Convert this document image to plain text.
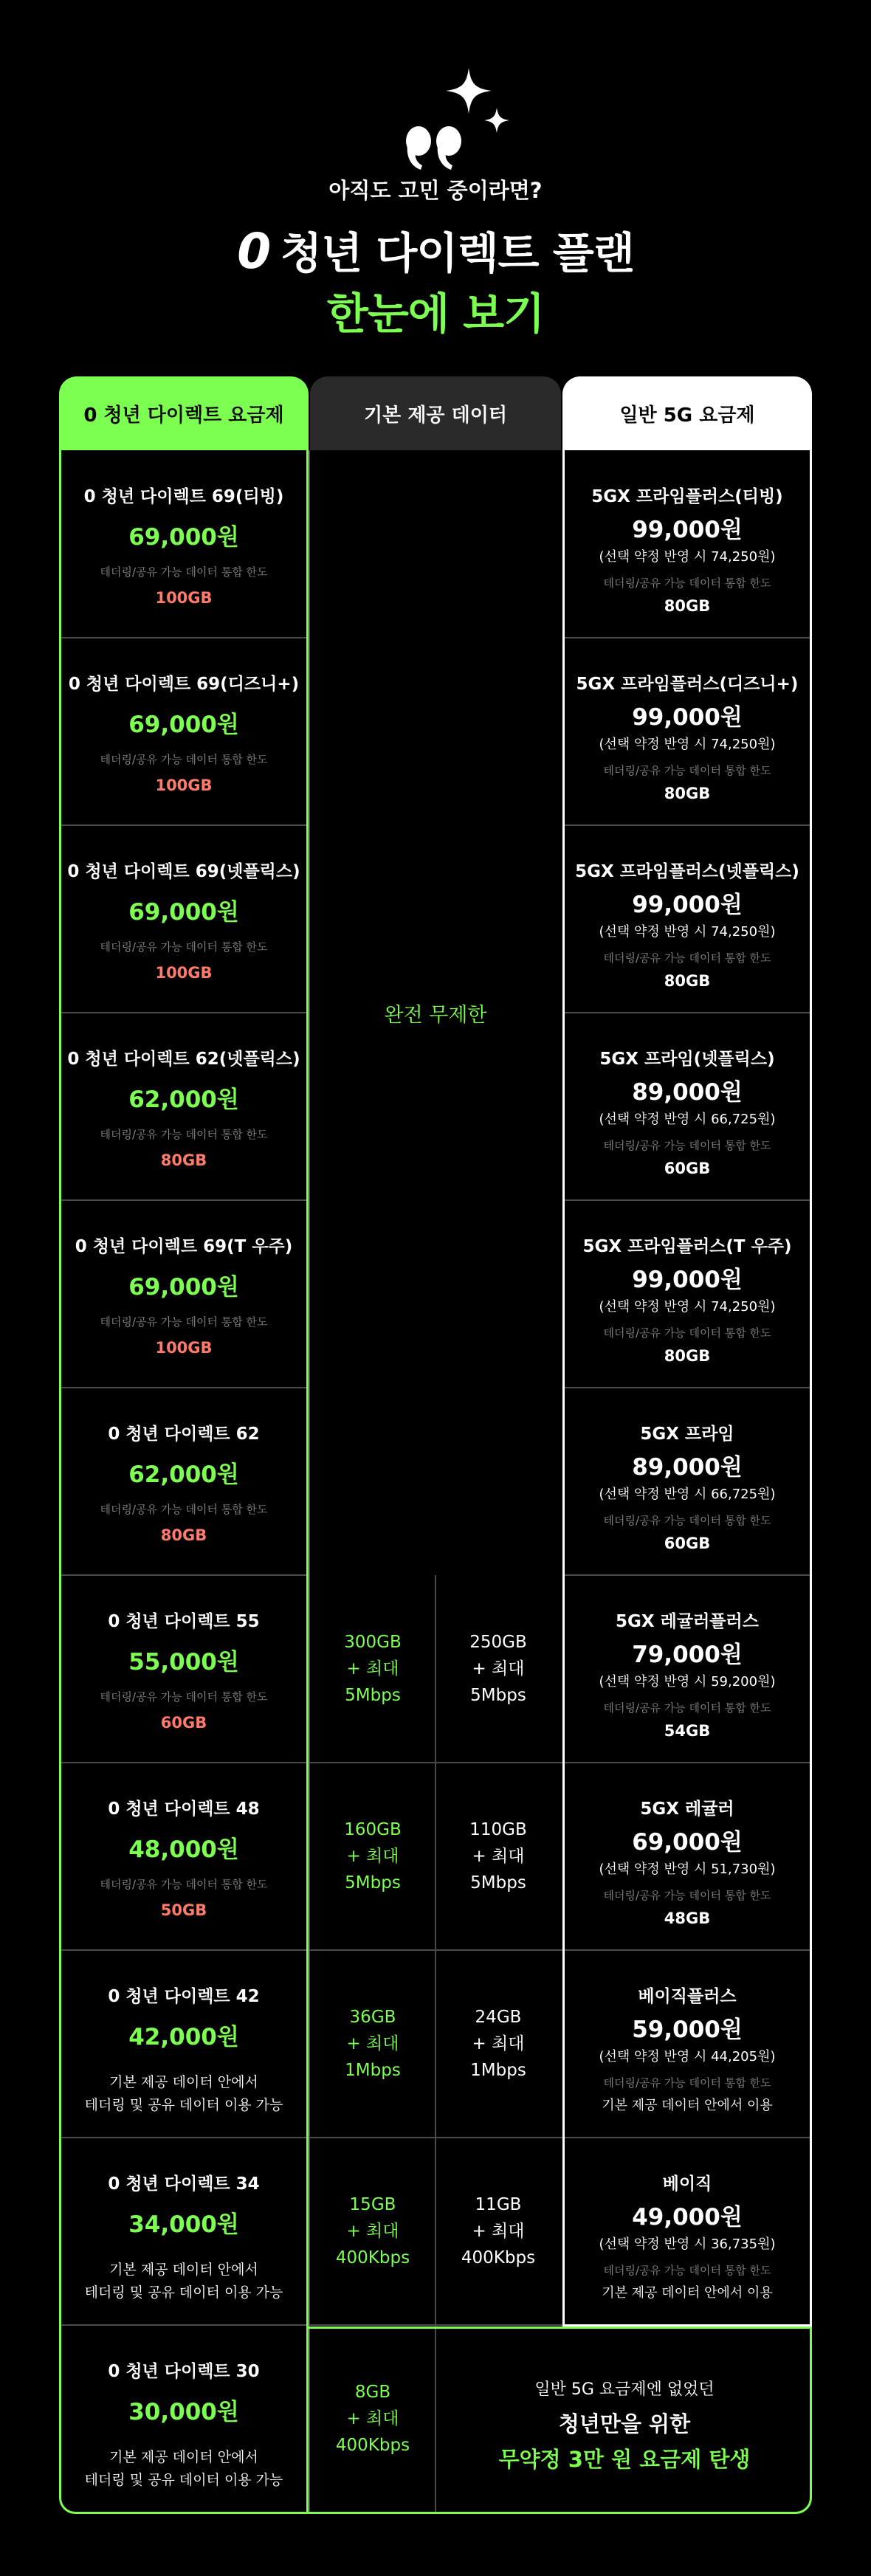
아직도 고민 중이라면?
0 청년 다이렉트 플랜
한눈에 보기
0 청년 다이렉트 요금제	기본 제공 데이터	일반 5G 요금제
0 청년 다이렉트 69(티빙)
69,000원
테더링/공유 가능 데이터 통합 한도
100GB
5GX 프라임플러스(티빙)
99,000원
(선택 약정 반영 시 74,250원)
테더링/공유 가능 데이터 통합 한도
80GB
0 청년 다이렉트 69(디즈니+)
69,000원
테더링/공유 가능 데이터 통합 한도
100GB
5GX 프라임플러스(디즈니+)
99,000원
(선택 약정 반영 시 74,250원)
테더링/공유 가능 데이터 통합 한도
80GB
0 청년 다이렉트 69(넷플릭스)
69,000원
테더링/공유 가능 데이터 통합 한도
100GB
5GX 프라임플러스(넷플릭스)
99,000원
(선택 약정 반영 시 74,250원)
테더링/공유 가능 데이터 통합 한도
80GB
0 청년 다이렉트 62(넷플릭스)
62,000원
테더링/공유 가능 데이터 통합 한도
80GB
5GX 프라임(넷플릭스)
89,000원
(선택 약정 반영 시 66,725원)
테더링/공유 가능 데이터 통합 한도
60GB
0 청년 다이렉트 69(T 우주)
69,000원
테더링/공유 가능 데이터 통합 한도
100GB
5GX 프라임플러스(T 우주)
99,000원
(선택 약정 반영 시 74,250원)
테더링/공유 가능 데이터 통합 한도
80GB
0 청년 다이렉트 62
62,000원
테더링/공유 가능 데이터 통합 한도
80GB
5GX 프라임
89,000원
(선택 약정 반영 시 66,725원)
테더링/공유 가능 데이터 통합 한도
60GB
0 청년 다이렉트 55
55,000원
테더링/공유 가능 데이터 통합 한도
60GB
300GB
+ 최대
5Mbps
250GB
+ 최대
5Mbps
5GX 레귤러플러스
79,000원
(선택 약정 반영 시 59,200원)
테더링/공유 가능 데이터 통합 한도
54GB
0 청년 다이렉트 48
48,000원
테더링/공유 가능 데이터 통합 한도
50GB
160GB
+ 최대
5Mbps
110GB
+ 최대
5Mbps
5GX 레귤러
69,000원
(선택 약정 반영 시 51,730원)
테더링/공유 가능 데이터 통합 한도
48GB
0 청년 다이렉트 42
42,000원
기본 제공 데이터 안에서
테더링 및 공유 데이터 이용 가능
36GB
+ 최대
1Mbps
24GB
+ 최대
1Mbps
베이직플러스
59,000원
(선택 약정 반영 시 44,205원)
테더링/공유 가능 데이터 통합 한도
기본 제공 데이터 안에서 이용
0 청년 다이렉트 34
34,000원
기본 제공 데이터 안에서
테더링 및 공유 데이터 이용 가능
15GB
+ 최대
400Kbps
11GB
+ 최대
400Kbps
베이직
49,000원
(선택 약정 반영 시 36,735원)
테더링/공유 가능 데이터 통합 한도
기본 제공 데이터 안에서 이용
0 청년 다이렉트 30
30,000원
기본 제공 데이터 안에서
테더링 및 공유 데이터 이용 가능
8GB
+ 최대
400Kbps
일반 5G 요금제엔 없었던
청년만을 위한
무약정 3만 원 요금제 탄생
완전 무제한
